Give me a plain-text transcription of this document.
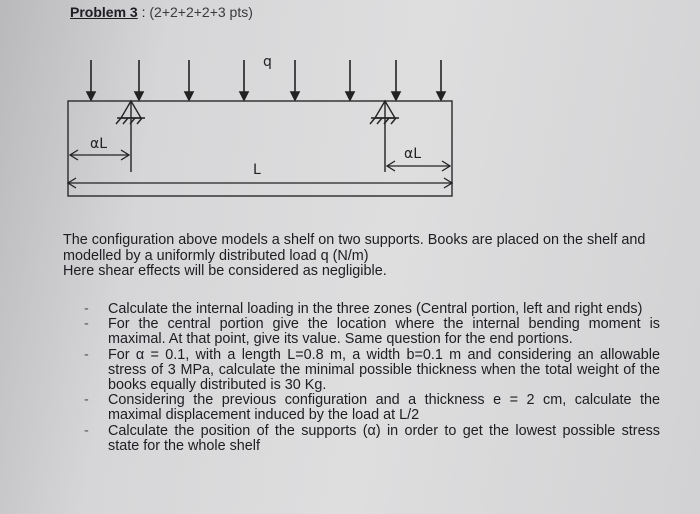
Problem 3 : (2+2+2+2+3 pts)
q
αL
αL
L

The configuration above models a shelf on two supports. Books are placed on the shelf and modelled by a uniformly distributed load q (N/m)

Here shear effects will be considered as negligible.

- Calculate the internal loading in the three zones (Central portion, left and right ends)
- For the central portion give the location where the internal bending moment is maximal. At that point, give its value. Same question for the end portions.
- For α = 0.1, with a length L=0.8 m, a width b=0.1 m and considering an allowable stress of 3 MPa, calculate the minimal possible thickness when the total weight of the books equally distributed is 30 Kg.
- Considering the previous configuration and a thickness e = 2 cm, calculate the maximal displacement induced by the load at L/2
- Calculate the position of the supports (α) in order to get the lowest possible stress state for the whole shelf
